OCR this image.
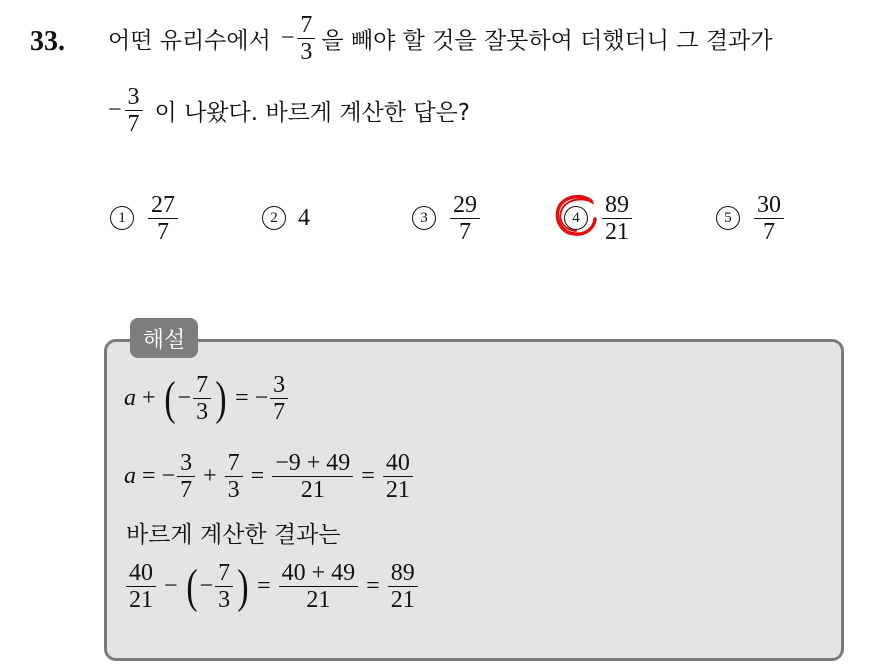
33. 어떤 유리수에서 − $\frac{7}{3}$ 을 빼야 할 것을 잘못하여 더했더니 그 결과가
− $\frac{3}{7}$ 이 나왔다. 바르게 계산한 답은?
$1 \frac{27}{7}$	2 4	$3 \frac{29}{7}$	$4 \frac{89}{21}$	$5 \frac{30}{7}$
해설
a + ( − $\frac{7}{3}$ ) = − $\frac{3}{7}$
a = − $\frac{3}{7} + \frac{7}{3} = \frac{-9 + 49}{21} = \frac{40}{21}$
바르게 계산한 결과는
$\frac{40}{21}$ − ( − $\frac{7}{3}$ ) = $\frac{40 + 49}{21} = \frac{89}{21}$
